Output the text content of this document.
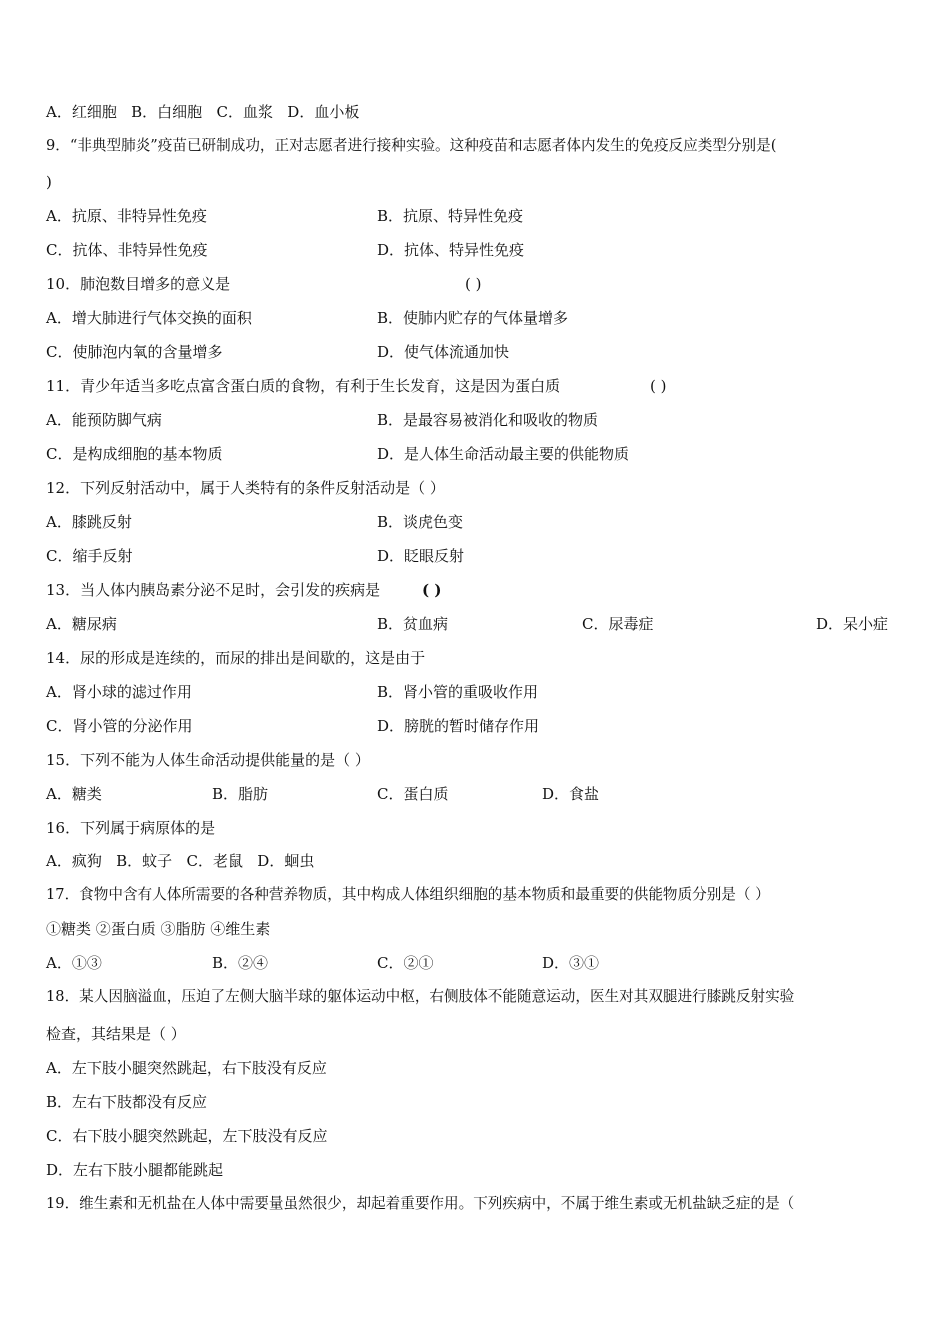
A．红细胞 B．白细胞 C．血浆 D．血小板
9．“非典型肺炎”疫苗已研制成功，正对志愿者进行接种实验。这种疫苗和志愿者体内发生的免疫反应类型分别是(
)
A．抗原、非特异性免疫	B．抗原、特异性免疫
C．抗体、非特异性免疫	D．抗体、特异性免疫
10．肺泡数目增多的意义是	( )
A．增大肺进行气体交换的面积	B．使肺内贮存的气体量增多
C．使肺泡内氧的含量增多	D．使气体流通加快
11．青少年适当多吃点富含蛋白质的食物，有利于生长发育，这是因为蛋白质	( )
A．能预防脚气病	B．是最容易被消化和吸收的物质
C．是构成细胞的基本物质	D．是人体生命活动最主要的供能物质
12．下列反射活动中，属于人类特有的条件反射活动是（ ）
A．膝跳反射	B．谈虎色变
C．缩手反射	D．眨眼反射
13．当人体内胰岛素分泌不足时，会引发的疾病是	( )
A．糖尿病	B．贫血病	C．尿毒症	D．呆小症
14．尿的形成是连续的，而尿的排出是间歇的，这是由于
A．肾小球的滤过作用	B．肾小管的重吸收作用
C．肾小管的分泌作用	D．膀胱的暂时储存作用
15．下列不能为人体生命活动提供能量的是（ ）
A．糖类	B．脂肪	C．蛋白质	D．食盐
16．下列属于病原体的是
A．疯狗 B．蚊子 C．老鼠 D．蛔虫
17．食物中含有人体所需要的各种营养物质，其中构成人体组织细胞的基本物质和最重要的供能物质分别是（ ）
①糖类 ②蛋白质 ③脂肪 ④维生素
A．①③	B．②④	C．②①	D．③①
18．某人因脑溢血，压迫了左侧大脑半球的躯体运动中枢，右侧肢体不能随意运动，医生对其双腿进行膝跳反射实验
检查，其结果是（ ）
A．左下肢小腿突然跳起，右下肢没有反应
B．左右下肢都没有反应
C．右下肢小腿突然跳起，左下肢没有反应
D．左右下肢小腿都能跳起
19．维生素和无机盐在人体中需要量虽然很少，却起着重要作用。下列疾病中，不属于维生素或无机盐缺乏症的是（
